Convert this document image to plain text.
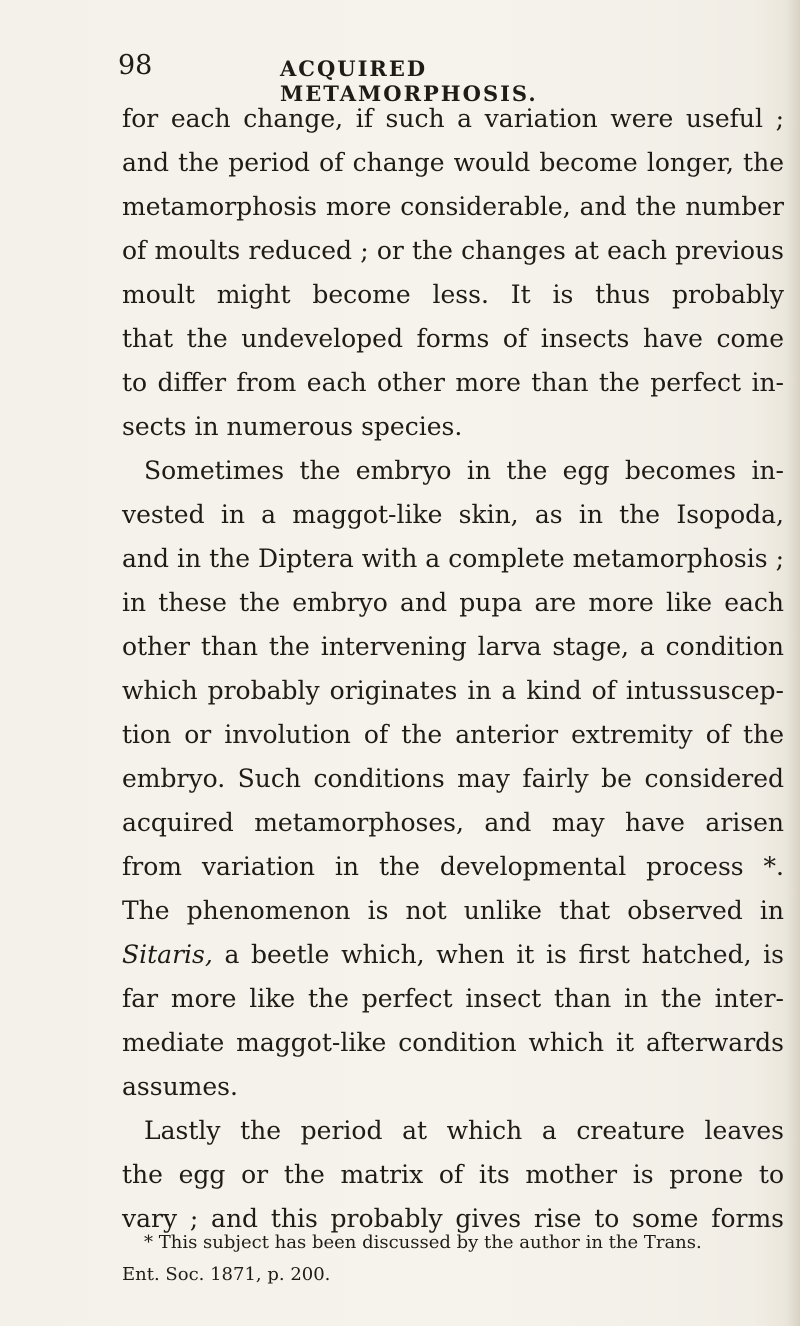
98	ACQUIRED METAMORPHOSIS.
for each change, if such a variation were useful ;
and the period of change would become longer, the
metamorphosis more considerable, and the number
of moults reduced ; or the changes at each previous
moult might become less. It is thus probably
that the undeveloped forms of insects have come
to differ from each other more than the perfect in-
sects in numerous species.
Sometimes the embryo in the egg becomes in-
vested in a maggot-like skin, as in the Isopoda,
and in the Diptera with a complete metamorphosis ;
in these the embryo and pupa are more like each
other than the intervening larva stage, a condition
which probably originates in a kind of intussuscep-
tion or involution of the anterior extremity of the
embryo. Such conditions may fairly be considered
acquired metamorphoses, and may have arisen
from variation in the developmental process *.
The phenomenon is not unlike that observed in
Sitaris, a beetle which, when it is first hatched, is
far more like the perfect insect than in the inter-
mediate maggot-like condition which it afterwards
assumes.
Lastly the period at which a creature leaves
the egg or the matrix of its mother is prone to
vary ; and this probably gives rise to some forms
* This subject has been discussed by the author in the Trans.
Ent. Soc. 1871, p. 200.
